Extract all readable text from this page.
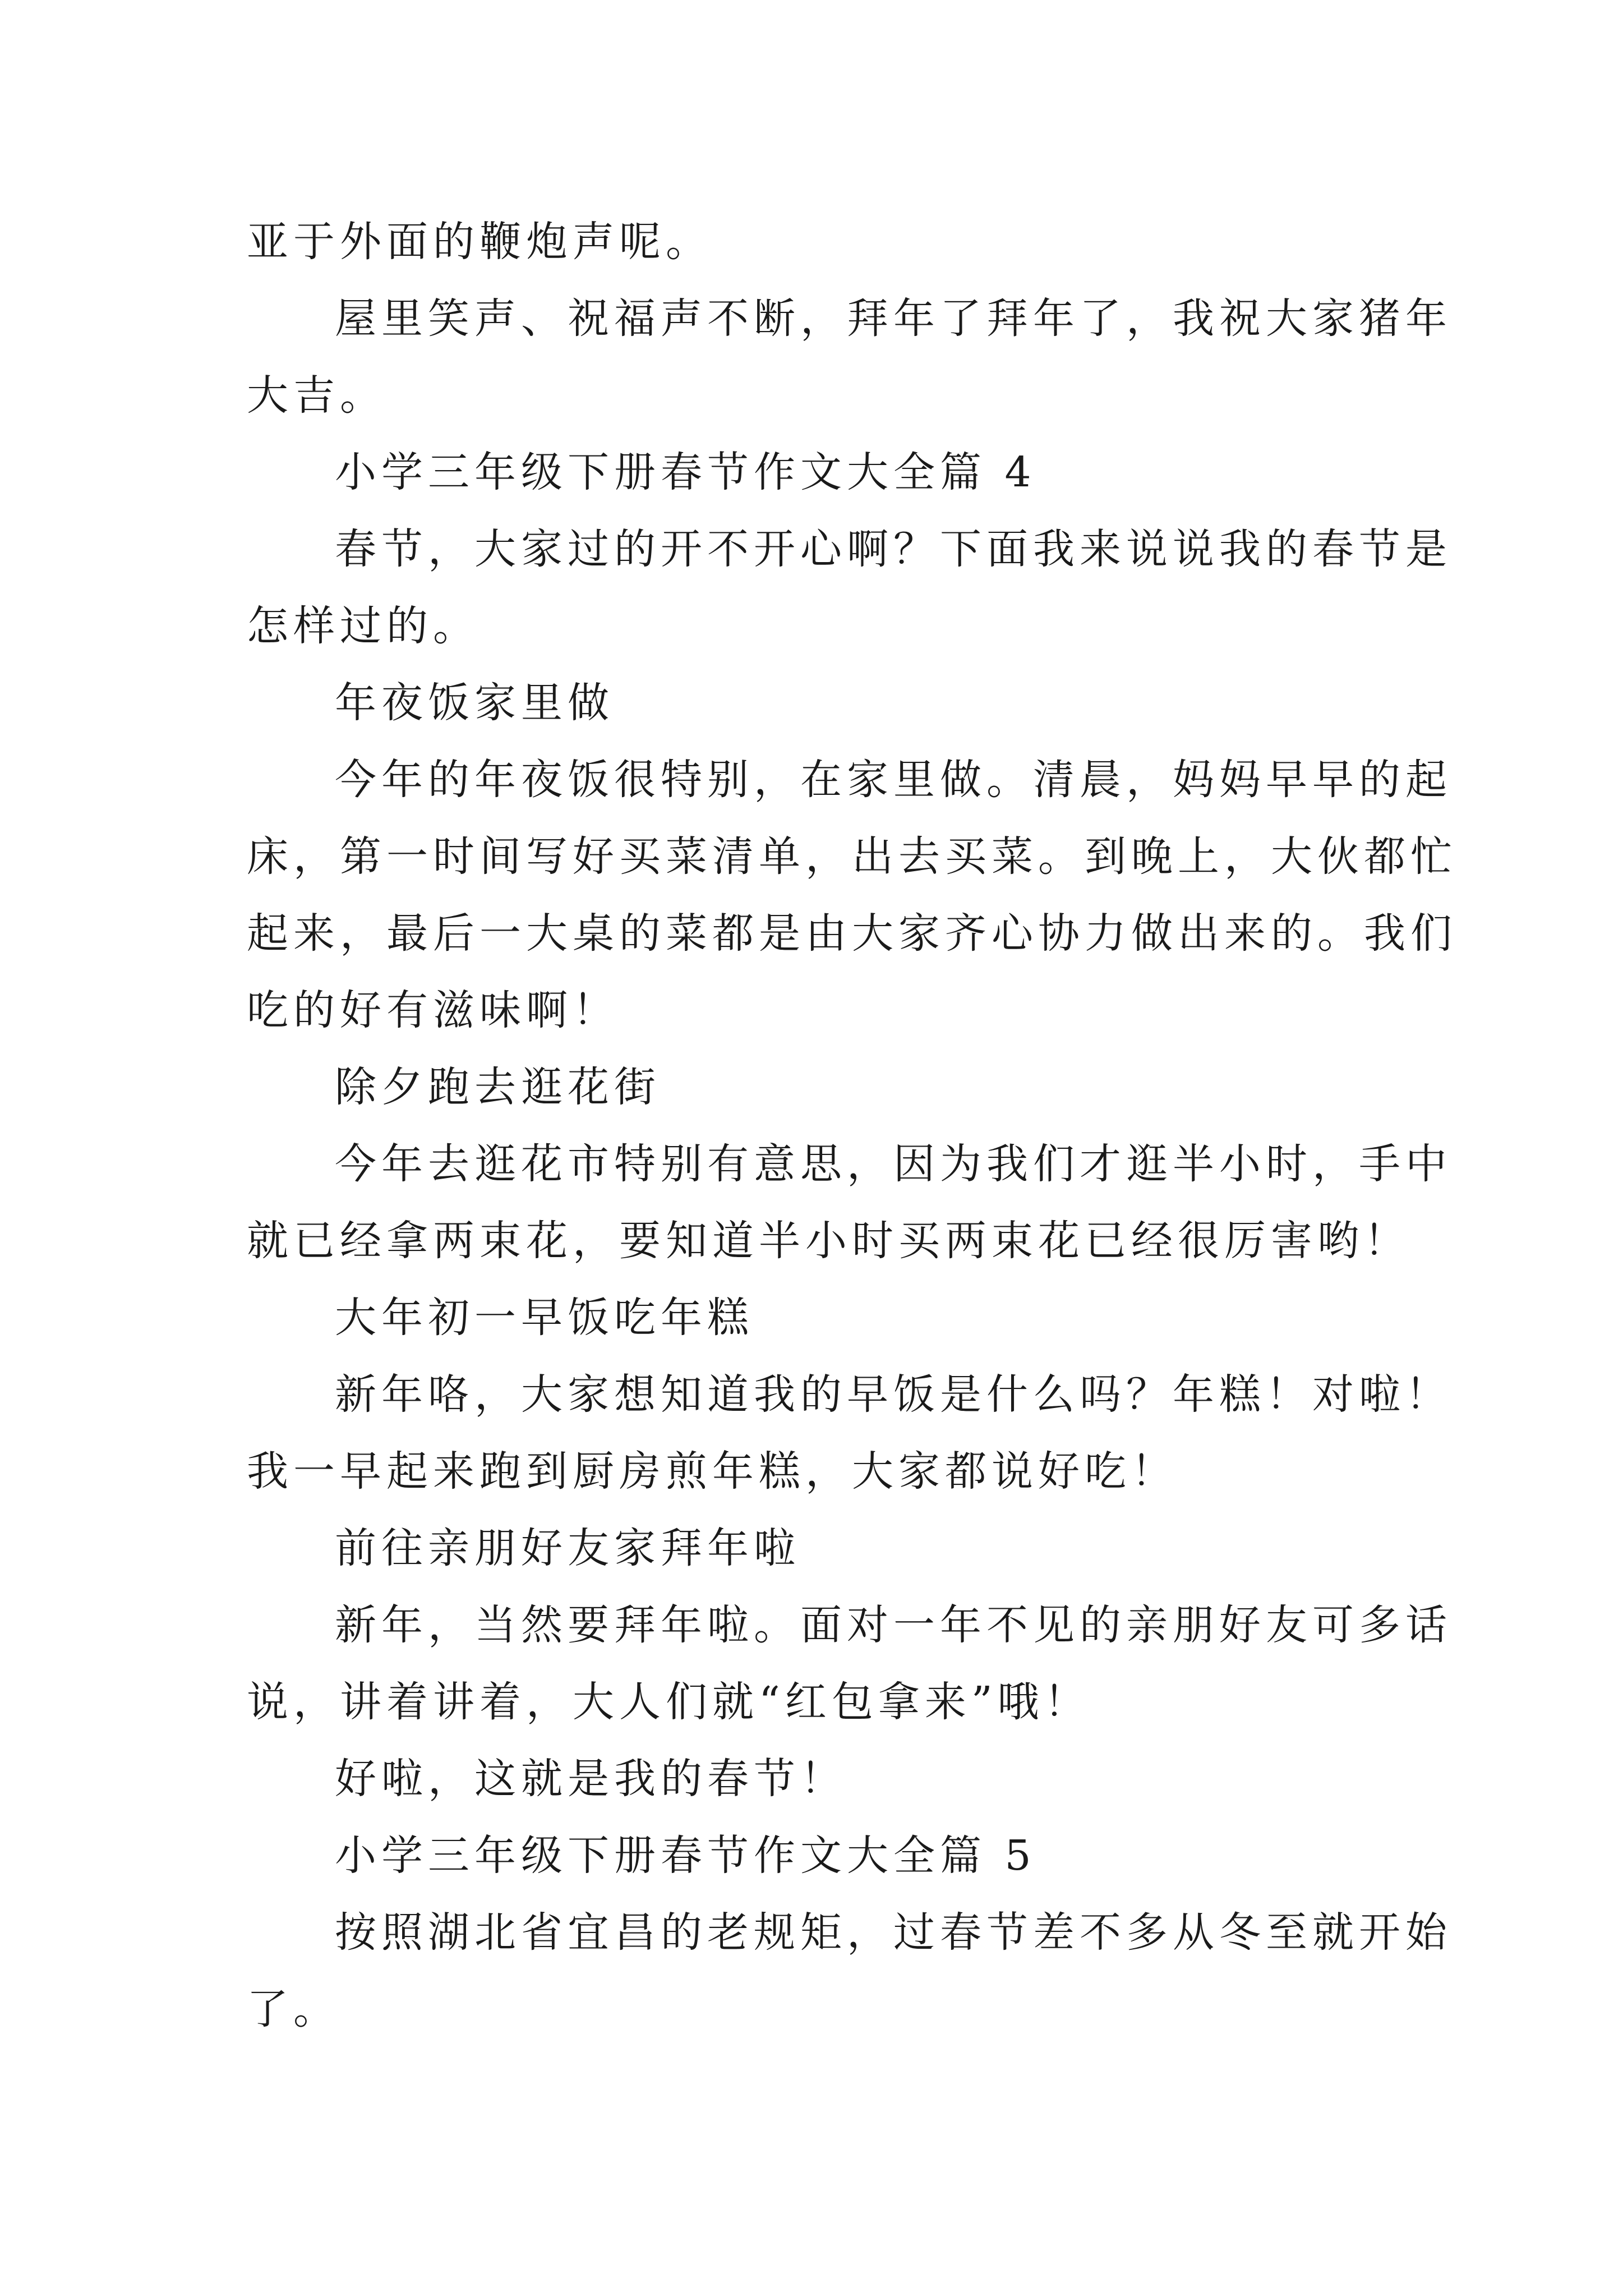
亚于外面的鞭炮声呢。
屋里笑声、祝福声不断，拜年了拜年了，我祝大家猪年
大吉。
小学三年级下册春节作文大全篇 4
春节，大家过的开不开心啊？下面我来说说我的春节是
怎样过的。
年夜饭家里做
今年的年夜饭很特别，在家里做。清晨，妈妈早早的起
床，第一时间写好买菜清单，出去买菜。到晚上，大伙都忙
起来，最后一大桌的菜都是由大家齐心协力做出来的。我们
吃的好有滋味啊！
除夕跑去逛花街
今年去逛花市特别有意思，因为我们才逛半小时，手中
就已经拿两束花，要知道半小时买两束花已经很厉害哟！
大年初一早饭吃年糕
新年咯，大家想知道我的早饭是什么吗？年糕！对啦！
我一早起来跑到厨房煎年糕，大家都说好吃！
前往亲朋好友家拜年啦
新年，当然要拜年啦。面对一年不见的亲朋好友可多话
说，讲着讲着，大人们就“红包拿来”哦！
好啦，这就是我的春节！
小学三年级下册春节作文大全篇 5
按照湖北省宜昌的老规矩，过春节差不多从冬至就开始
了。
